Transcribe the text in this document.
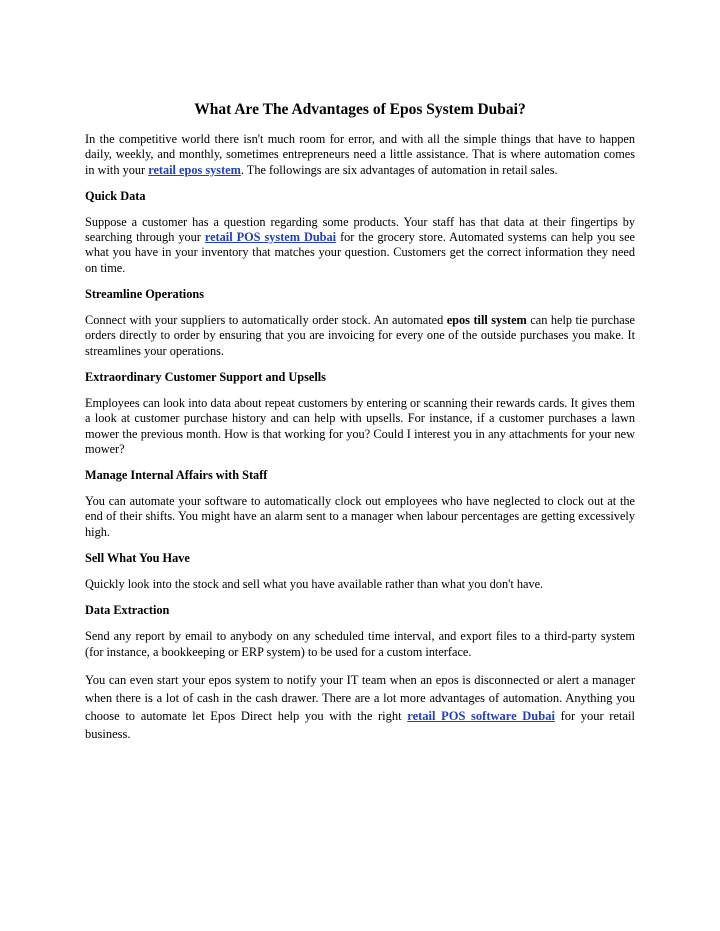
What Are The Advantages of Epos System Dubai?

In the competitive world there isn't much room for error, and with all the simple things that have to happen daily, weekly, and monthly, sometimes entrepreneurs need a little assistance. That is where automation comes in with your retail epos system. The followings are six advantages of automation in retail sales.

Quick Data

Suppose a customer has a question regarding some products. Your staff has that data at their fingertips by searching through your retail POS system Dubai for the grocery store. Automated systems can help you see what you have in your inventory that matches your question. Customers get the correct information they need on time.

Streamline Operations

Connect with your suppliers to automatically order stock. An automated epos till system can help tie purchase orders directly to order by ensuring that you are invoicing for every one of the outside purchases you make. It streamlines your operations.

Extraordinary Customer Support and Upsells

Employees can look into data about repeat customers by entering or scanning their rewards cards. It gives them a look at customer purchase history and can help with upsells. For instance, if a customer purchases a lawn mower the previous month. How is that working for you? Could I interest you in any attachments for your new mower?

Manage Internal Affairs with Staff

You can automate your software to automatically clock out employees who have neglected to clock out at the end of their shifts. You might have an alarm sent to a manager when labour percentages are getting excessively high.

Sell What You Have

Quickly look into the stock and sell what you have available rather than what you don't have.

Data Extraction

Send any report by email to anybody on any scheduled time interval, and export files to a third-party system (for instance, a bookkeeping or ERP system) to be used for a custom interface.

You can even start your epos system to notify your IT team when an epos is disconnected or alert a manager when there is a lot of cash in the cash drawer. There are a lot more advantages of automation. Anything you choose to automate let Epos Direct help you with the right retail POS software Dubai for your retail business.
